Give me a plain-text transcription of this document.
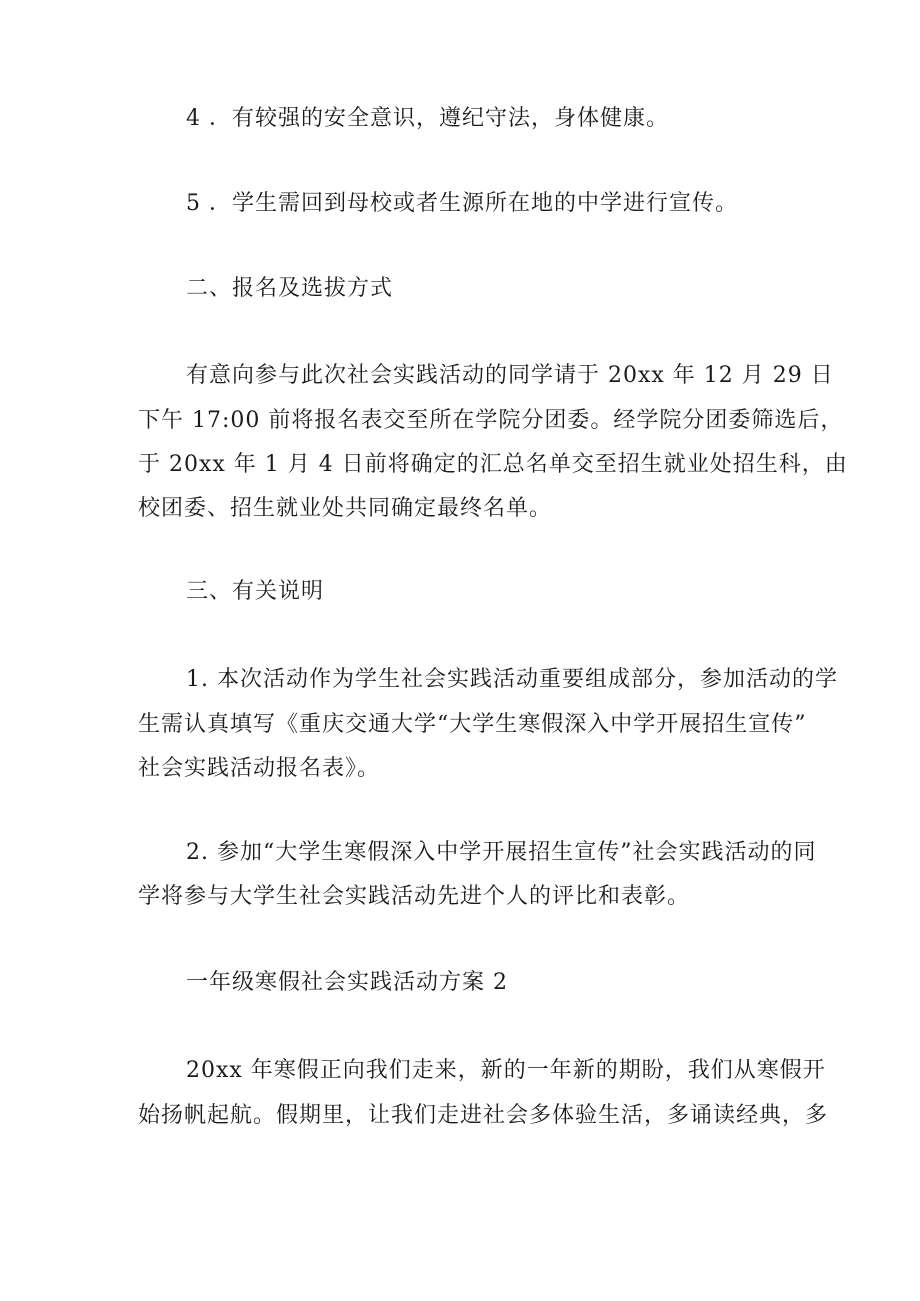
4 ．有较强的安全意识，遵纪守法，身体健康。
5 ．学生需回到母校或者生源所在地的中学进行宣传。
二、报名及选拔方式
有意向参与此次社会实践活动的同学请于 20xx 年 12 月 29 日
下午 17:00 前将报名表交至所在学院分团委。经学院分团委筛选后，
于 20xx 年 1 月 4 日前将确定的汇总名单交至招生就业处招生科，由
校团委、招生就业处共同确定最终名单。
三、有关说明
1. 本次活动作为学生社会实践活动重要组成部分，参加活动的学
生需认真填写《重庆交通大学“大学生寒假深入中学开展招生宣传”
社会实践活动报名表》。
2. 参加“大学生寒假深入中学开展招生宣传”社会实践活动的同
学将参与大学生社会实践活动先进个人的评比和表彰。
一年级寒假社会实践活动方案 2
20xx 年寒假正向我们走来，新的一年新的期盼，我们从寒假开
始扬帆起航。假期里，让我们走进社会多体验生活，多诵读经典，多
